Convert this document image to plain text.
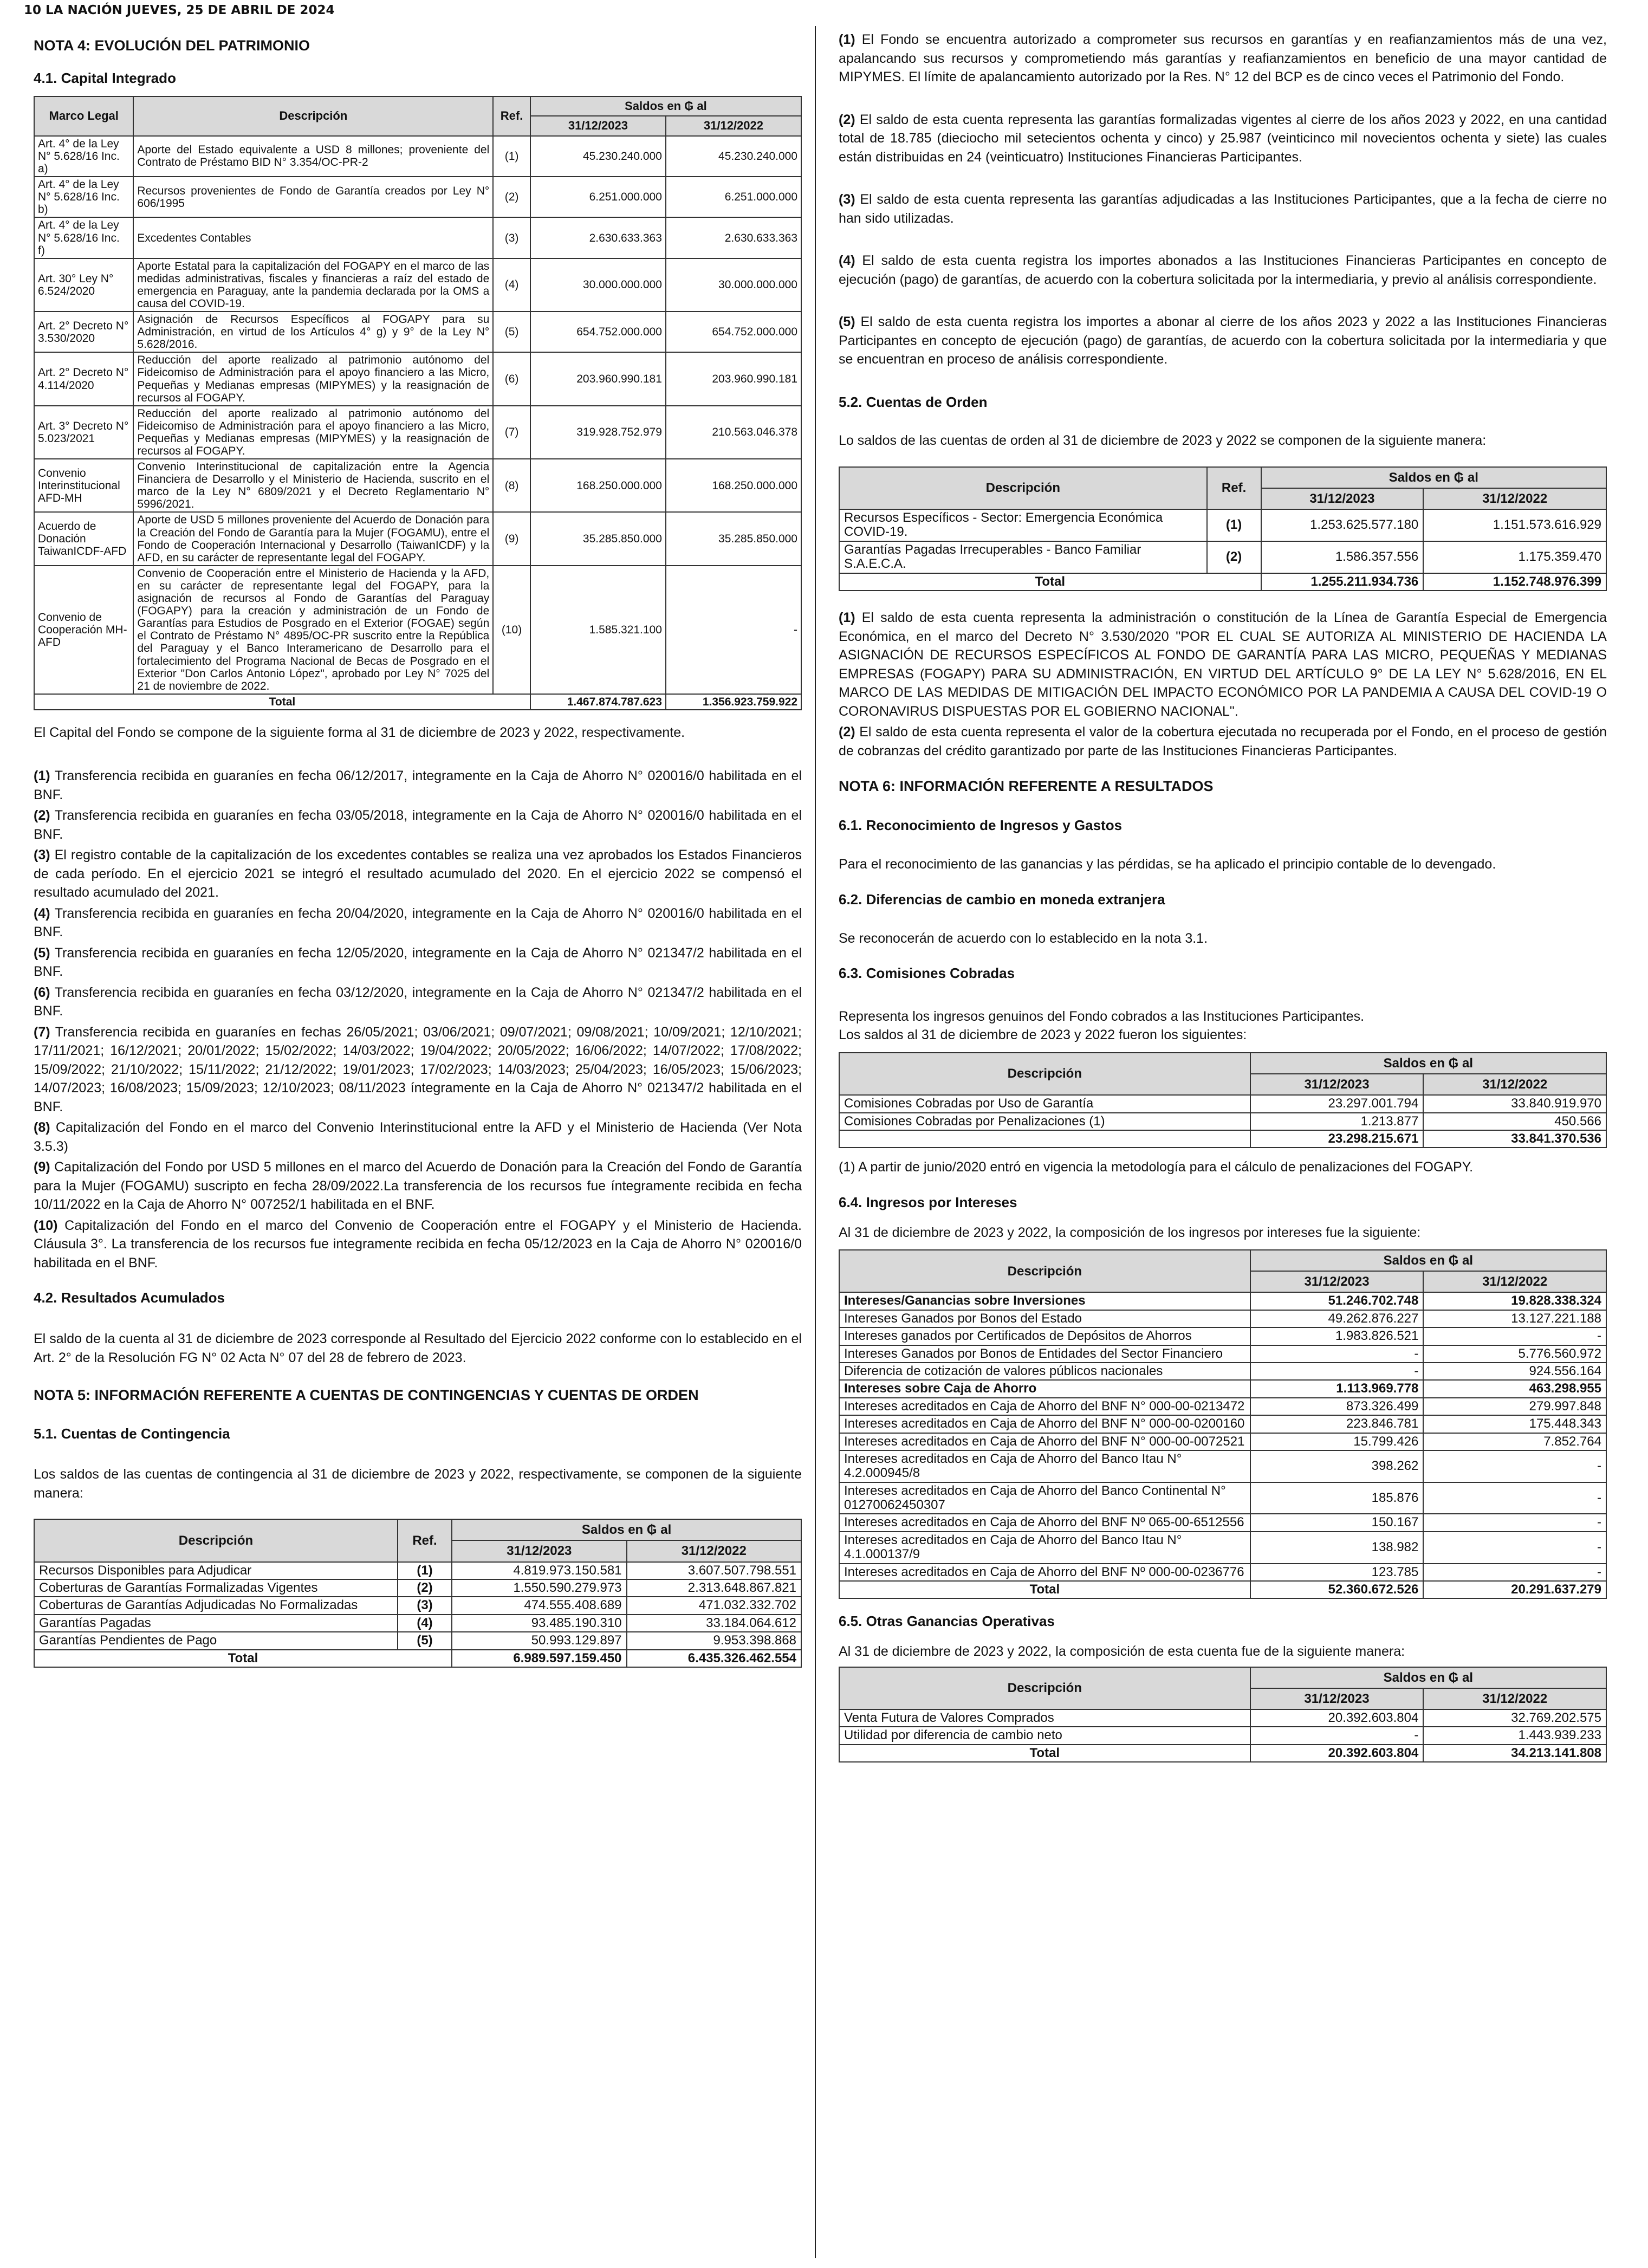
10 LA NACIÓN JUEVES, 25 DE ABRIL DE 2024
NOTA 4: EVOLUCIÓN DEL PATRIMONIO
4.1. Capital Integrado
Marco Legal	Descripción	Ref.	Saldos en ₲ al	
			31/12/2023	31/12/2022
Art. 4° de la Ley N° 5.628/16 Inc. a)	Aporte del Estado equivalente a USD 8 millones; proveniente del Contrato de Préstamo BID N° 3.354/OC-PR-2	(1)	45.230.240.000	45.230.240.000
Art. 4° de la Ley N° 5.628/16 Inc. b)	Recursos provenientes de Fondo de Garantía creados por Ley N° 606/1995	(2)	6.251.000.000	6.251.000.000
Art. 4° de la Ley N° 5.628/16 Inc. f)	Excedentes Contables	(3)	2.630.633.363	2.630.633.363
Art. 30° Ley N° 6.524/2020	Aporte Estatal para la capitalización del FOGAPY en el marco de las medidas administrativas, fiscales y financieras a raíz del estado de emergencia en Paraguay, ante la pandemia declarada por la OMS a causa del COVID-19.	(4)	30.000.000.000	30.000.000.000
Art. 2° Decreto N° 3.530/2020	Asignación de Recursos Específicos al FOGAPY para su Administración, en virtud de los Artículos 4° g) y 9° de la Ley N° 5.628/2016.	(5)	654.752.000.000	654.752.000.000
Art. 2° Decreto N° 4.114/2020	Reducción del aporte realizado al patrimonio autónomo del Fideicomiso de Administración para el apoyo financiero a las Micro, Pequeñas y Medianas empresas (MIPYMES) y la reasignación de recursos al FOGAPY.	(6)	203.960.990.181	203.960.990.181
Art. 3° Decreto N° 5.023/2021	Reducción del aporte realizado al patrimonio autónomo del Fideicomiso de Administración para el apoyo financiero a las Micro, Pequeñas y Medianas empresas (MIPYMES) y la reasignación de recursos al FOGAPY.	(7)	319.928.752.979	210.563.046.378
Convenio Interinstitucional AFD-MH	Convenio Interinstitucional de capitalización entre la Agencia Financiera de Desarrollo y el Ministerio de Hacienda, suscrito en el marco de la Ley N° 6809/2021 y el Decreto Reglamentario N° 5996/2021.	(8)	168.250.000.000	168.250.000.000
Acuerdo de Donación TaiwanICDF-AFD	Aporte de USD 5 millones proveniente del Acuerdo de Donación para la Creación del Fondo de Garantía para la Mujer (FOGAMU), entre el Fondo de Cooperación Internacional y Desarrollo (TaiwanICDF) y la AFD, en su carácter de representante legal del FOGAPY.	(9)	35.285.850.000	35.285.850.000
Convenio de Cooperación MH-AFD	Convenio de Cooperación entre el Ministerio de Hacienda y la AFD, en su carácter de representante legal del FOGAPY, para la asignación de recursos al Fondo de Garantías del Paraguay (FOGAPY) para la creación y administración de un Fondo de Garantías para Estudios de Posgrado en el Exterior (FOGAE) según el Contrato de Préstamo N° 4895/OC-PR suscrito entre la República del Paraguay y el Banco Interamericano de Desarrollo para el fortalecimiento del Programa Nacional de Becas de Posgrado en el Exterior "Don Carlos Antonio López", aprobado por Ley N° 7025 del 21 de noviembre de 2022.	(10)	1.585.321.100	-
Total			1.467.874.787.623	1.356.923.759.922

El Capital del Fondo se compone de la siguiente forma al 31 de diciembre de 2023 y 2022, respectivamente.

(1) Transferencia recibida en guaraníes en fecha 06/12/2017, integramente en la Caja de Ahorro N° 020016/0 habilitada en el BNF.

(2) Transferencia recibida en guaraníes en fecha 03/05/2018, integramente en la Caja de Ahorro N° 020016/0 habilitada en el BNF.

(3) El registro contable de la capitalización de los excedentes contables se realiza una vez aprobados los Estados Financieros de cada período. En el ejercicio 2021 se integró el resultado acumulado del 2020. En el ejercicio 2022 se compensó el resultado acumulado del 2021.

(4) Transferencia recibida en guaraníes en fecha 20/04/2020, integramente en la Caja de Ahorro N° 020016/0 habilitada en el BNF.

(5) Transferencia recibida en guaraníes en fecha 12/05/2020, integramente en la Caja de Ahorro N° 021347/2 habilitada en el BNF.

(6) Transferencia recibida en guaraníes en fecha 03/12/2020, integramente en la Caja de Ahorro N° 021347/2 habilitada en el BNF.

(7) Transferencia recibida en guaraníes en fechas 26/05/2021; 03/06/2021; 09/07/2021; 09/08/2021; 10/09/2021; 12/10/2021; 17/11/2021; 16/12/2021; 20/01/2022; 15/02/2022; 14/03/2022; 19/04/2022; 20/05/2022; 16/06/2022; 14/07/2022; 17/08/2022; 15/09/2022; 21/10/2022; 15/11/2022; 21/12/2022; 19/01/2023; 17/02/2023; 14/03/2023; 25/04/2023; 16/05/2023; 15/06/2023; 14/07/2023; 16/08/2023; 15/09/2023; 12/10/2023; 08/11/2023 íntegramente en la Caja de Ahorro N° 021347/2 habilitada en el BNF.

(8) Capitalización del Fondo en el marco del Convenio Interinstitucional entre la AFD y el Ministerio de Hacienda (Ver Nota 3.5.3)

(9) Capitalización del Fondo por USD 5 millones en el marco del Acuerdo de Donación para la Creación del Fondo de Garantía para la Mujer (FOGAMU) suscripto en fecha 28/09/2022.La transferencia de los recursos fue íntegramente recibida en fecha 10/11/2022 en la Caja de Ahorro N° 007252/1 habilitada en el BNF.

(10) Capitalización del Fondo en el marco del Convenio de Cooperación entre el FOGAPY y el Ministerio de Hacienda. Cláusula 3°. La transferencia de los recursos fue integramente recibida en fecha 05/12/2023 en la Caja de Ahorro N° 020016/0 habilitada en el BNF.

4.2. Resultados Acumulados

El saldo de la cuenta al 31 de diciembre de 2023 corresponde al Resultado del Ejercicio 2022 conforme con lo establecido en el Art. 2° de la Resolución FG N° 02 Acta N° 07 del 28 de febrero de 2023.

NOTA 5: INFORMACIÓN REFERENTE A CUENTAS DE CONTINGENCIAS Y CUENTAS DE ORDEN
5.1. Cuentas de Contingencia

Los saldos de las cuentas de contingencia al 31 de diciembre de 2023 y 2022, respectivamente, se componen de la siguiente manera:

Descripción	Ref.	Saldos en ₲ al	
		31/12/2023	31/12/2022
Recursos Disponibles para Adjudicar	(1)	4.819.973.150.581	3.607.507.798.551
Coberturas de Garantías Formalizadas Vigentes	(2)	1.550.590.279.973	2.313.648.867.821
Coberturas de Garantías Adjudicadas No Formalizadas	(3)	474.555.408.689	471.032.332.702
Garantías Pagadas	(4)	93.485.190.310	33.184.064.612
Garantías Pendientes de Pago	(5)	50.993.129.897	9.953.398.868
Total		6.989.597.159.450	6.435.326.462.554

(1) El Fondo se encuentra autorizado a comprometer sus recursos en garantías y en reafianzamientos más de una vez, apalancando sus recursos y comprometiendo más garantías y reafianzamientos en beneficio de una mayor cantidad de MIPYMES. El límite de apalancamiento autorizado por la Res. N° 12 del BCP es de cinco veces el Patrimonio del Fondo.

(2) El saldo de esta cuenta representa las garantías formalizadas vigentes al cierre de los años 2023 y 2022, en una cantidad total de 18.785 (dieciocho mil setecientos ochenta y cinco) y 25.987 (veinticinco mil novecientos ochenta y siete) las cuales están distribuidas en 24 (veinticuatro) Instituciones Financieras Participantes.

(3) El saldo de esta cuenta representa las garantías adjudicadas a las Instituciones Participantes, que a la fecha de cierre no han sido utilizadas.

(4) El saldo de esta cuenta registra los importes abonados a las Instituciones Financieras Participantes en concepto de ejecución (pago) de garantías, de acuerdo con la cobertura solicitada por la intermediaria, y previo al análisis correspondiente.

(5) El saldo de esta cuenta registra los importes a abonar al cierre de los años 2023 y 2022 a las Instituciones Financieras Participantes en concepto de ejecución (pago) de garantías, de acuerdo con la cobertura solicitada por la intermediaria y que se encuentran en proceso de análisis correspondiente.

5.2. Cuentas de Orden

Lo saldos de las cuentas de orden al 31 de diciembre de 2023 y 2022 se componen de la siguiente manera:

Descripción	Ref.	Saldos en ₲ al	
		31/12/2023	31/12/2022
Recursos Específicos - Sector: Emergencia Económica COVID-19.	(1)	1.253.625.577.180	1.151.573.616.929
Garantías Pagadas Irrecuperables - Banco Familiar S.A.E.C.A.	(2)	1.586.357.556	1.175.359.470
Total		1.255.211.934.736	1.152.748.976.399

(1) El saldo de esta cuenta representa la administración o constitución de la Línea de Garantía Especial de Emergencia Económica, en el marco del Decreto N° 3.530/2020 "POR EL CUAL SE AUTORIZA AL MINISTERIO DE HACIENDA LA ASIGNACIÓN DE RECURSOS ESPECÍFICOS AL FONDO DE GARANTÍA PARA LAS MICRO, PEQUEÑAS Y MEDIANAS EMPRESAS (FOGAPY) PARA SU ADMINISTRACIÓN, EN VIRTUD DEL ARTÍCULO 9° DE LA LEY N° 5.628/2016, EN EL MARCO DE LAS MEDIDAS DE MITIGACIÓN DEL IMPACTO ECONÓMICO POR LA PANDEMIA A CAUSA DEL COVID-19 O CORONAVIRUS DISPUESTAS POR EL GOBIERNO NACIONAL".

(2) El saldo de esta cuenta representa el valor de la cobertura ejecutada no recuperada por el Fondo, en el proceso de gestión de cobranzas del crédito garantizado por parte de las Instituciones Financieras Participantes.

NOTA 6: INFORMACIÓN REFERENTE A RESULTADOS
6.1. Reconocimiento de Ingresos y Gastos

Para el reconocimiento de las ganancias y las pérdidas, se ha aplicado el principio contable de lo devengado.

6.2. Diferencias de cambio en moneda extranjera

Se reconocerán de acuerdo con lo establecido en la nota 3.1.

6.3. Comisiones Cobradas

Representa los ingresos genuinos del Fondo cobrados a las Instituciones Participantes.

Los saldos al 31 de diciembre de 2023 y 2022 fueron los siguientes:

Descripción	Saldos en ₲ al	
	31/12/2023	31/12/2022
Comisiones Cobradas por Uso de Garantía	23.297.001.794	33.840.919.970
Comisiones Cobradas por Penalizaciones (1)	1.213.877	450.566
	23.298.215.671	33.841.370.536

(1) A partir de junio/2020 entró en vigencia la metodología para el cálculo de penalizaciones del FOGAPY.

6.4. Ingresos por Intereses

Al 31 de diciembre de 2023 y 2022, la composición de los ingresos por intereses fue la siguiente:

Descripción	Saldos en ₲ al	
	31/12/2023	31/12/2022
Intereses/Ganancias sobre Inversiones	51.246.702.748	19.828.338.324
Intereses Ganados por Bonos del Estado	49.262.876.227	13.127.221.188
Intereses ganados por Certificados de Depósitos de Ahorros	1.983.826.521	-
Intereses Ganados por Bonos de Entidades del Sector Financiero	-	5.776.560.972
Diferencia de cotización de valores públicos nacionales	-	924.556.164
Intereses sobre Caja de Ahorro	1.113.969.778	463.298.955
Intereses acreditados en Caja de Ahorro del BNF N° 000-00-0213472	873.326.499	279.997.848
Intereses acreditados en Caja de Ahorro del BNF N° 000-00-0200160	223.846.781	175.448.343
Intereses acreditados en Caja de Ahorro del BNF N° 000-00-0072521	15.799.426	7.852.764
Intereses acreditados en Caja de Ahorro del Banco Itau N° 4.2.000945/8	398.262	-
Intereses acreditados en Caja de Ahorro del Banco Continental N° 01270062450307	185.876	-
Intereses acreditados en Caja de Ahorro del BNF Nº 065-00-6512556	150.167	-
Intereses acreditados en Caja de Ahorro del Banco Itau N° 4.1.000137/9	138.982	-
Intereses acreditados en Caja de Ahorro del BNF Nº 000-00-0236776	123.785	-
Total	52.360.672.526	20.291.637.279
6.5. Otras Ganancias Operativas

Al 31 de diciembre de 2023 y 2022, la composición de esta cuenta fue de la siguiente manera:

Descripción	Saldos en ₲ al	
	31/12/2023	31/12/2022
Venta Futura de Valores Comprados	20.392.603.804	32.769.202.575
Utilidad por diferencia de cambio neto	-	1.443.939.233
Total	20.392.603.804	34.213.141.808
